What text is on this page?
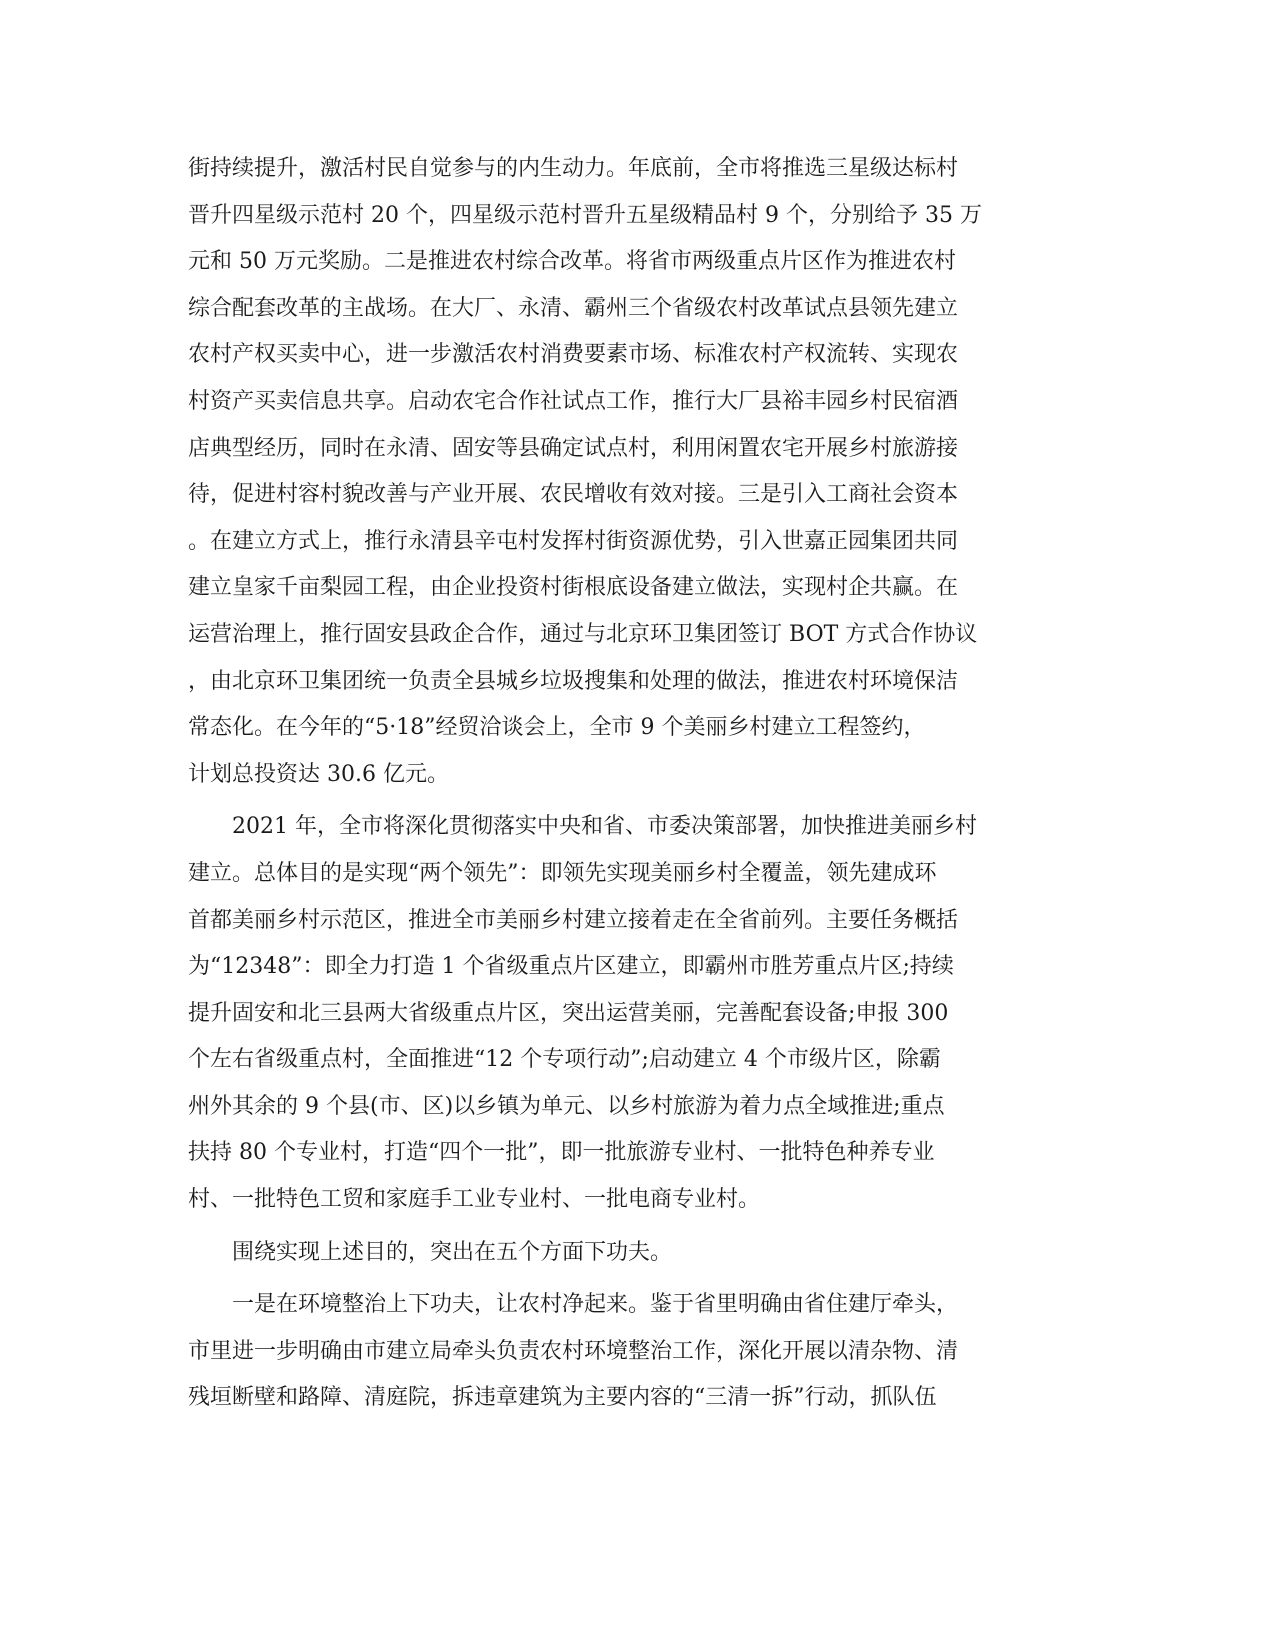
街持续提升，激活村民自觉参与的内生动力。年底前，全市将推选三星级达标村
晋升四星级示范村 20 个，四星级示范村晋升五星级精品村 9 个，分别给予 35 万
元和 50 万元奖励。二是推进农村综合改革。将省市两级重点片区作为推进农村
综合配套改革的主战场。在大厂、永清、霸州三个省级农村改革试点县领先建立
农村产权买卖中心，进一步激活农村消费要素市场、标准农村产权流转、实现农
村资产买卖信息共享。启动农宅合作社试点工作，推行大厂县裕丰园乡村民宿酒
店典型经历，同时在永清、固安等县确定试点村，利用闲置农宅开展乡村旅游接
待，促进村容村貌改善与产业开展、农民增收有效对接。三是引入工商社会资本
。在建立方式上，推行永清县辛屯村发挥村街资源优势，引入世嘉正园集团共同
建立皇家千亩梨园工程，由企业投资村街根底设备建立做法，实现村企共赢。在
运营治理上，推行固安县政企合作，通过与北京环卫集团签订 BOT 方式合作协议
，由北京环卫集团统一负责全县城乡垃圾搜集和处理的做法，推进农村环境保洁
常态化。在今年的“5·18”经贸洽谈会上，全市 9 个美丽乡村建立工程签约，
计划总投资达 30.6 亿元。
2021 年，全市将深化贯彻落实中央和省、市委决策部署，加快推进美丽乡村
建立。总体目的是实现“两个领先”：即领先实现美丽乡村全覆盖，领先建成环
首都美丽乡村示范区，推进全市美丽乡村建立接着走在全省前列。主要任务概括
为“12348”：即全力打造 1 个省级重点片区建立，即霸州市胜芳重点片区;持续
提升固安和北三县两大省级重点片区，突出运营美丽，完善配套设备;申报 300
个左右省级重点村，全面推进“12 个专项行动”;启动建立 4 个市级片区，除霸
州外其余的 9 个县(市、区)以乡镇为单元、以乡村旅游为着力点全域推进;重点
扶持 80 个专业村，打造“四个一批”，即一批旅游专业村、一批特色种养专业
村、一批特色工贸和家庭手工业专业村、一批电商专业村。
围绕实现上述目的，突出在五个方面下功夫。
一是在环境整治上下功夫，让农村净起来。鉴于省里明确由省住建厅牵头，
市里进一步明确由市建立局牵头负责农村环境整治工作，深化开展以清杂物、清
残垣断壁和路障、清庭院，拆违章建筑为主要内容的“三清一拆”行动，抓队伍
